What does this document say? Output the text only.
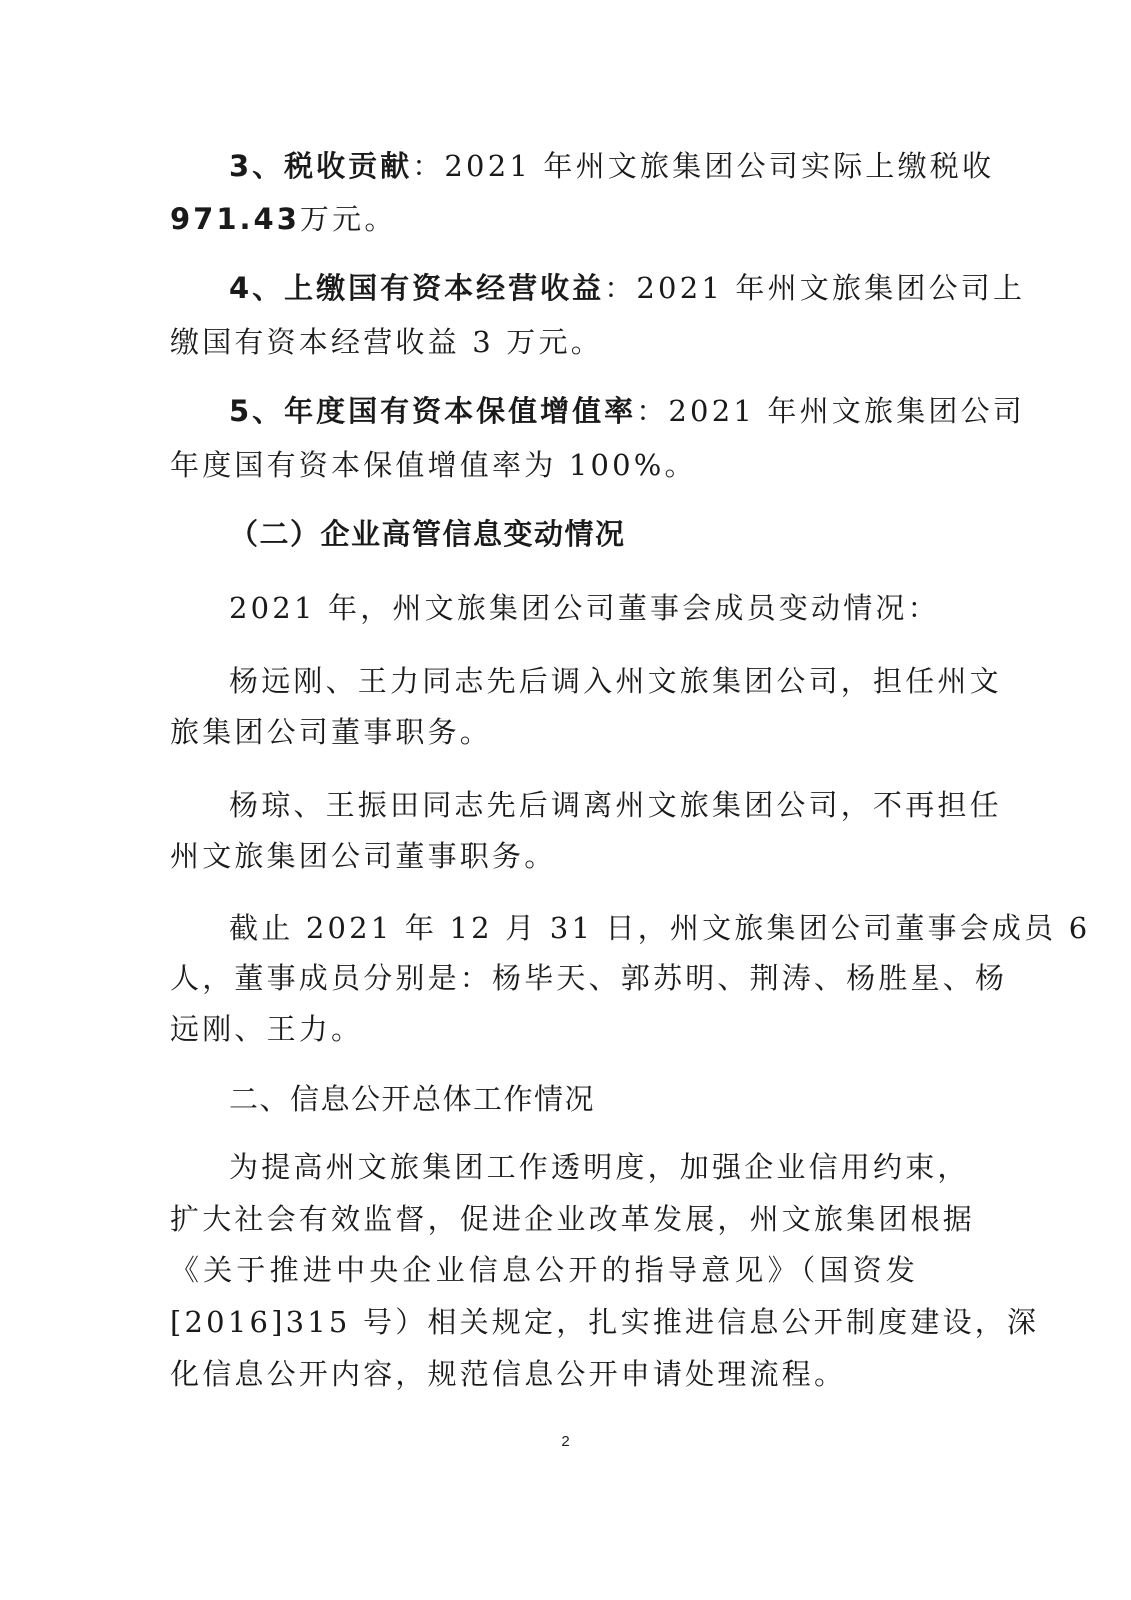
3、税收贡献：2021 年州文旅集团公司实际上缴税收
971.43万元。
4、上缴国有资本经营收益：2021 年州文旅集团公司上
缴国有资本经营收益 3 万元。
5、年度国有资本保值增值率：2021 年州文旅集团公司
年度国有资本保值增值率为 100%。
（二）企业高管信息变动情况
2021 年，州文旅集团公司董事会成员变动情况：
杨远刚、王力同志先后调入州文旅集团公司，担任州文
旅集团公司董事职务。
杨琼、王振田同志先后调离州文旅集团公司，不再担任
州文旅集团公司董事职务。
截止 2021 年 12 月 31 日，州文旅集团公司董事会成员 6
人，董事成员分别是：杨毕天、郭苏明、荆涛、杨胜星、杨
远刚、王力。
二、信息公开总体工作情况
为提高州文旅集团工作透明度，加强企业信用约束，
扩大社会有效监督，促进企业改革发展，州文旅集团根据
《关于推进中央企业信息公开的指导意见》（国资发
[2016]315 号）相关规定，扎实推进信息公开制度建设，深
化信息公开内容，规范信息公开申请处理流程。
2
